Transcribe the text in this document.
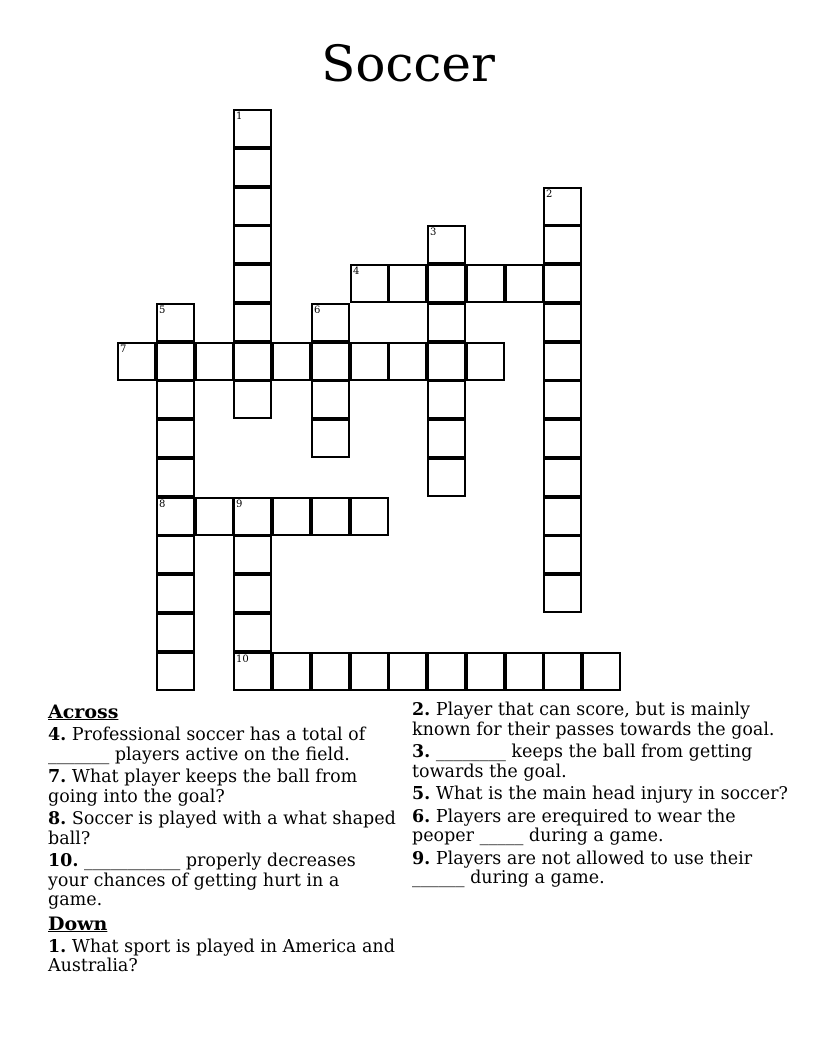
Soccer
1
2
3
4
5
8
6
7
9
10
Across
4. Professional soccer has a total of _______ players active on the field.
7. What player keeps the ball from going into the goal?
8. Soccer is played with a what shaped ball?
10. ___________ properly decreases your chances of getting hurt in a game.
Down
1. What sport is played in America and Australia?
2. Player that can score, but is mainly known for their passes towards the goal.
3. ________ keeps the ball from getting towards the goal.
5. What is the main head injury in soccer?
6. Players are erequired to wear the peoper _____ during a game.
9. Players are not allowed to use their ______ during a game.
